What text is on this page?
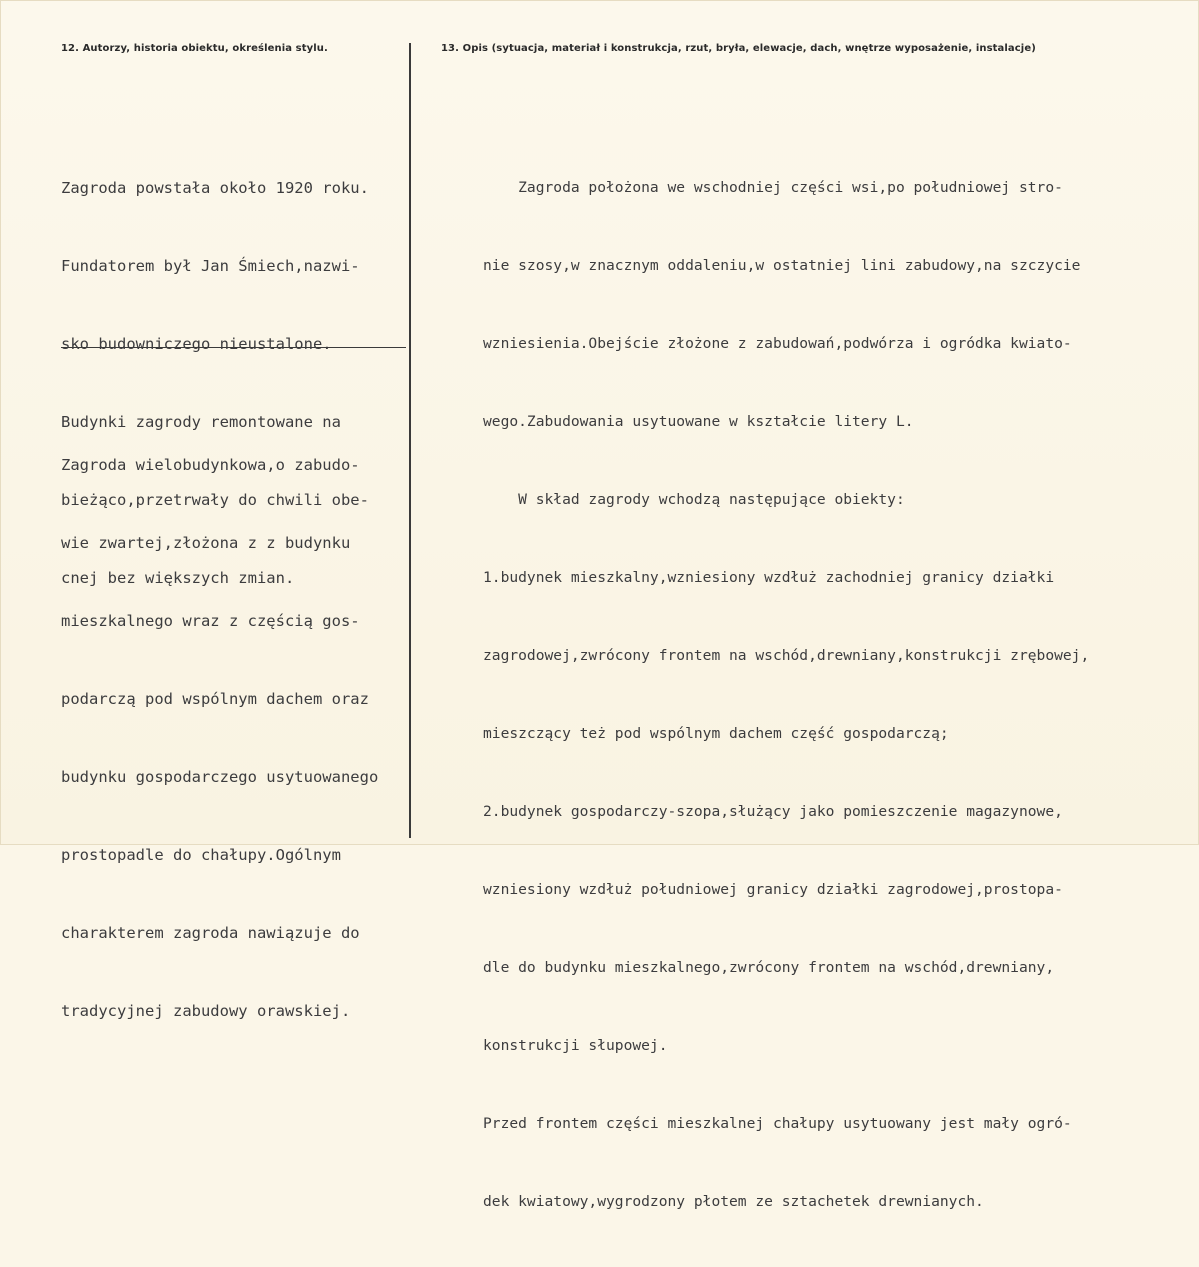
12. Autorzy, historia obiektu, określenia stylu.	13. Opis (sytuacja, materiał i konstrukcja, rzut, bryła, elewacje, dach, wnętrze wyposażenie, instalacje)

Zagroda powstała około 1920 roku.

Fundatorem był Jan Śmiech,nazwi-

sko budowniczego nieustalone.

Budynki zagrody remontowane na

bieżąco,przetrwały do chwili obe-

cnej bez większych zmian.

Zagroda wielobudynkowa,o zabudo-

wie zwartej,złożona z z budynku

mieszkalnego wraz z częścią gos-

podarczą pod wspólnym dachem oraz

budynku gospodarczego usytuowanego

prostopadle do chałupy.Ogólnym

charakterem zagroda nawiązuje do

tradycyjnej zabudowy orawskiej.

Zagroda położona we wschodniej części wsi,po południowej stro-

nie szosy,w znacznym oddaleniu,w ostatniej lini zabudowy,na szczycie

wzniesienia.Obejście złożone z zabudowań,podwórza i ogródka kwiato-

wego.Zabudowania usytuowane w kształcie litery L.

W skład zagrody wchodzą następujące obiekty:

1.budynek mieszkalny,wzniesiony wzdłuż zachodniej granicy działki

zagrodowej,zwrócony frontem na wschód,drewniany,konstrukcji zrębowej,

mieszczący też pod wspólnym dachem część gospodarczą;

2.budynek gospodarczy-szopa,służący jako pomieszczenie magazynowe,

wzniesiony wzdłuż południowej granicy działki zagrodowej,prostopa-

dle do budynku mieszkalnego,zwrócony frontem na wschód,drewniany,

konstrukcji słupowej.

Przed frontem części mieszkalnej chałupy usytuowany jest mały ogró-

dek kwiatowy,wygrodzony płotem ze sztachetek drewnianych.
